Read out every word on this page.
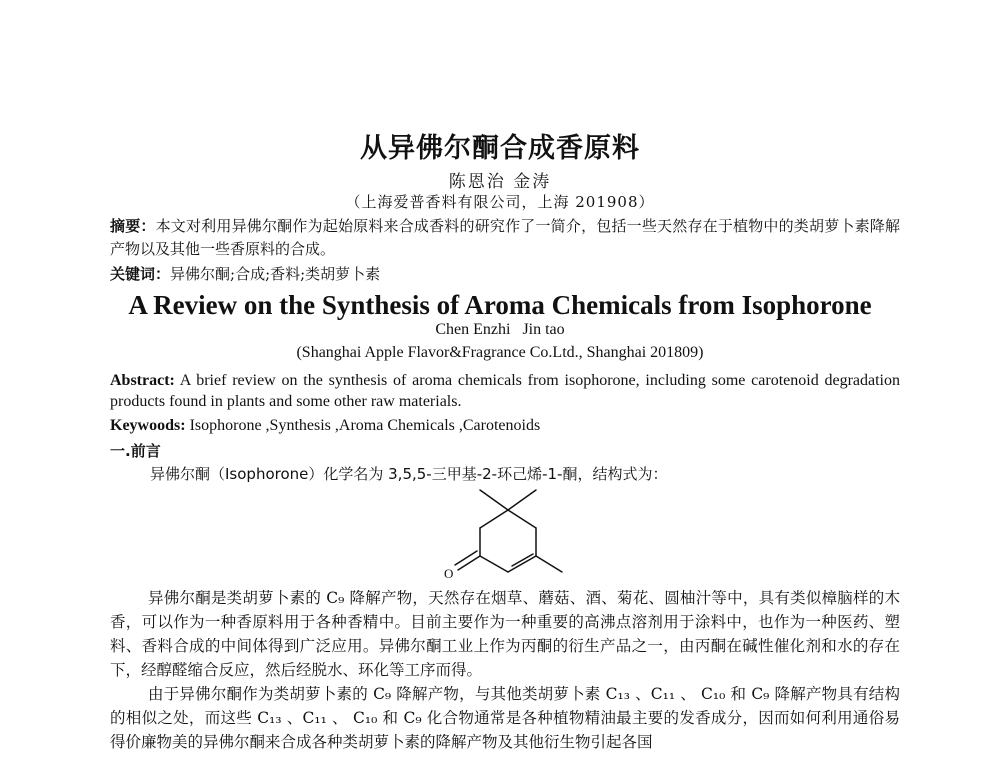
从异佛尔酮合成香原料

陈恩治 金涛

（上海爱普香料有限公司，上海 201908）

摘要：本文对利用异佛尔酮作为起始原料来合成香料的研究作了一简介，包括一些天然存在于植物中的类胡萝卜素降解产物以及其他一些香原料的合成。

关键词：异佛尔酮;合成;香料;类胡萝卜素

A Review on the Synthesis of Aroma Chemicals from Isophorone

Chen Enzhi Jin tao

(Shanghai Apple Flavor&Fragrance Co.Ltd., Shanghai 201809)

Abstract: A brief review on the synthesis of aroma chemicals from isophorone, including some carotenoid degradation products found in plants and some other raw materials.

Keywoods: Isophorone ,Synthesis ,Aroma Chemicals ,Carotenoids

一.前言

异佛尔酮（Isophorone）化学名为 3,5,5-三甲基-2-环己烯-1-酮，结构式为：

O

异佛尔酮是类胡萝卜素的 C₉ 降解产物，天然存在烟草、蘑菇、酒、菊花、圆柚汁等中，具有类似樟脑样的木香，可以作为一种香原料用于各种香精中。目前主要作为一种重要的高沸点溶剂用于涂料中，也作为一种医药、塑料、香料合成的中间体得到广泛应用。异佛尔酮工业上作为丙酮的衍生产品之一，由丙酮在碱性催化剂和水的存在下，经醇醛缩合反应，然后经脱水、环化等工序而得。

由于异佛尔酮作为类胡萝卜素的 C₉ 降解产物，与其他类胡萝卜素 C₁₃ 、C₁₁ 、 C₁₀ 和 C₉ 降解产物具有结构的相似之处，而这些 C₁₃ 、C₁₁ 、 C₁₀ 和 C₉ 化合物通常是各种植物精油最主要的发香成分，因而如何利用通俗易得价廉物美的异佛尔酮来合成各种类胡萝卜素的降解产物及其他衍生物引起各国
